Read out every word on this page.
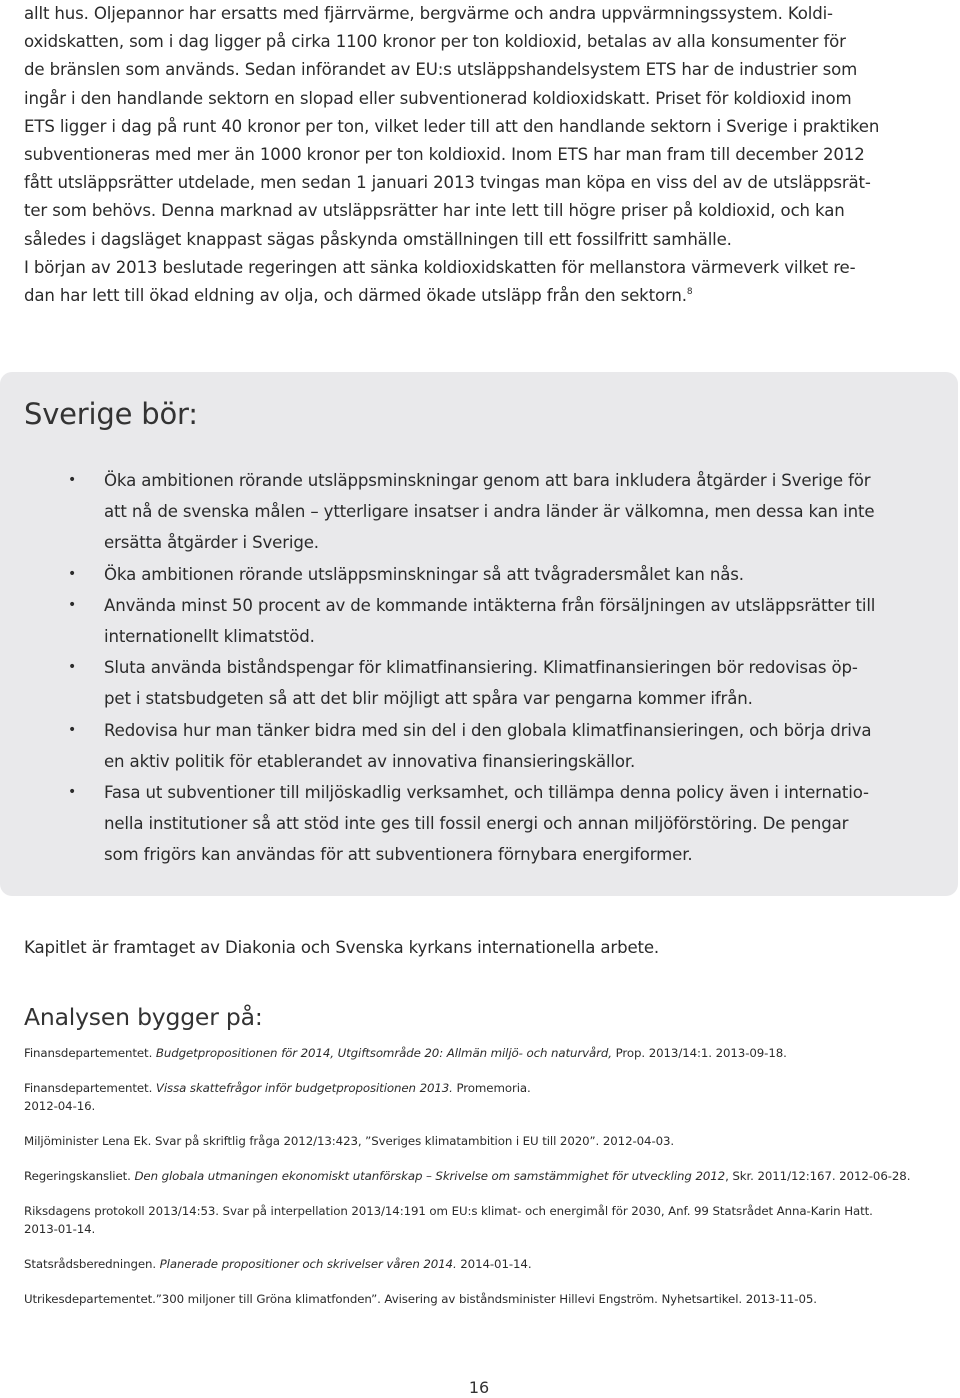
allt hus. Oljepannor har ersatts med fjärrvärme, bergvärme och andra uppvärmningssystem. Koldi-
oxidskatten, som i dag ligger på cirka 1100 kronor per ton koldioxid, betalas av alla konsumenter för
de bränslen som används. Sedan införandet av EU:s utsläppshandelsystem ETS har de industrier som
ingår i den handlande sektorn en slopad eller subventionerad koldioxidskatt. Priset för koldioxid inom
ETS ligger i dag på runt 40 kronor per ton, vilket leder till att den handlande sektorn i Sverige i praktiken
subventioneras med mer än 1000 kronor per ton koldioxid. Inom ETS har man fram till december 2012
fått utsläppsrätter utdelade, men sedan 1 januari 2013 tvingas man köpa en viss del av de utsläppsrät-
ter som behövs. Denna marknad av utsläppsrätter har inte lett till högre priser på koldioxid, och kan
således i dagsläget knappast sägas påskynda omställningen till ett fossilfritt samhälle.
I början av 2013 beslutade regeringen att sänka koldioxidskatten för mellanstora värmeverk vilket re-
dan har lett till ökad eldning av olja, och därmed ökade utsläpp från den sektorn.$^8$

Sverige bör:
• Öka ambitionen rörande utsläppsminskningar genom att bara inkludera åtgärder i Sverige för
att nå de svenska målen – ytterligare insatser i andra länder är välkomna, men dessa kan inte
ersätta åtgärder i Sverige.
• Öka ambitionen rörande utsläppsminskningar så att tvågradersmålet kan nås.
• Använda minst 50 procent av de kommande intäkterna från försäljningen av utsläppsrätter till
internationellt klimatstöd.
• Sluta använda biståndspengar för klimatfinansiering. Klimatfinansieringen bör redovisas öp-
pet i statsbudgeten så att det blir möjligt att spåra var pengarna kommer ifrån.
• Redovisa hur man tänker bidra med sin del i den globala klimatfinansieringen, och börja driva
en aktiv politik för etablerandet av innovativa finansieringskällor.
• Fasa ut subventioner till miljöskadlig verksamhet, och tillämpa denna policy även i internatio-
nella institutioner så att stöd inte ges till fossil energi och annan miljöförstöring. De pengar
som frigörs kan användas för att subventionera förnybara energiformer.

Kapitlet är framtaget av Diakonia och Svenska kyrkans internationella arbete.

Analysen bygger på:
Finansdepartementet. Budgetpropositionen för 2014, Utgiftsområde 20: Allmän miljö- och naturvård, Prop. 2013/14:1. 2013-09-18.
Finansdepartementet. Vissa skattefrågor inför budgetpropositionen 2013. Promemoria.
2012-04-16.
Miljöminister Lena Ek. Svar på skriftlig fråga 2012/13:423, ”Sveriges klimatambition i EU till 2020”. 2012-04-03.
Regeringskansliet. Den globala utmaningen ekonomiskt utanförskap – Skrivelse om samstämmighet för utveckling 2012, Skr. 2011/12:167. 2012-06-28.
Riksdagens protokoll 2013/14:53. Svar på interpellation 2013/14:191 om EU:s klimat- och energimål för 2030, Anf. 99 Statsrådet Anna-Karin Hatt.
2013-01-14.
Statsrådsberedningen. Planerade propositioner och skrivelser våren 2014. 2014-01-14.
Utrikesdepartementet.”300 miljoner till Gröna klimatfonden”. Avisering av biståndsminister Hillevi Engström. Nyhetsartikel. 2013-11-05.
16
